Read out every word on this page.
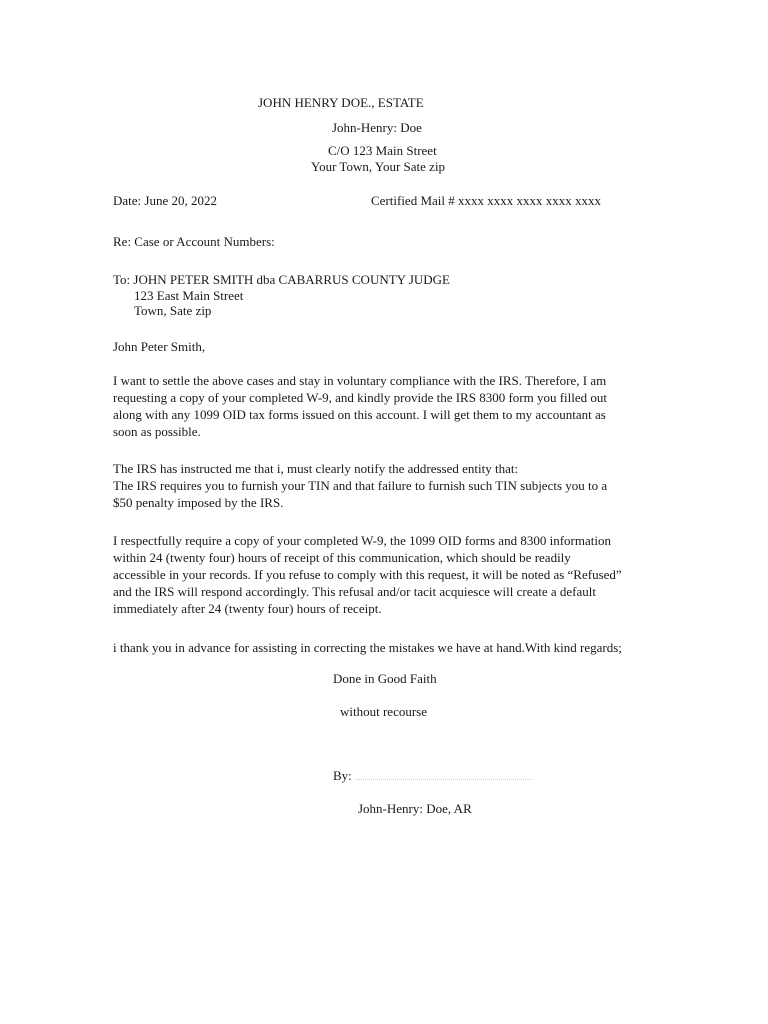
JOHN HENRY DOE., ESTATE
John-Henry: Doe
C/O 123 Main Street
Your Town, Your Sate zip
Date: June 20, 2022	Certified Mail # xxxx xxxx xxxx xxxx xxxx
Re: Case or Account Numbers:
To: JOHN PETER SMITH dba CABARRUS COUNTY JUDGE
123 East Main Street
Town, Sate zip
John Peter Smith,
I want to settle the above cases and stay in voluntary compliance with the IRS. Therefore, I am
requesting a copy of your completed W-9, and kindly provide the IRS 8300 form you filled out
along with any 1099 OID tax forms issued on this account. I will get them to my accountant as
soon as possible.
The IRS has instructed me that i, must clearly notify the addressed entity that:
The IRS requires you to furnish your TIN and that failure to furnish such TIN subjects you to a
$50 penalty imposed by the IRS.
I respectfully require a copy of your completed W-9, the 1099 OID forms and 8300 information
within 24 (twenty four) hours of receipt of this communication, which should be readily
accessible in your records. If you refuse to comply with this request, it will be noted as “Refused”
and the IRS will respond accordingly. This refusal and/or tacit acquiesce will create a default
immediately after 24 (twenty four) hours of receipt.
i thank you in advance for assisting in correcting the mistakes we have at hand.With kind regards;
Done in Good Faith
without recourse
By:
John-Henry: Doe, AR
